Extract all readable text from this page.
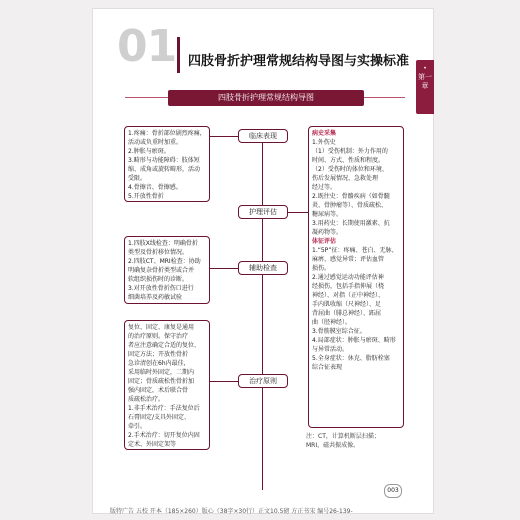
01 四肢骨折护理常规结构导图与实操标准	•
第一章
四肢骨折护理常规结构导图
临床表现
护理评估
辅助检查
治疗原则
1.疼痛：骨折部位剧烈疼痛，
活动或负重时加重。
2.肿胀与瘀斑。
3.畸形与功能障碍：肢体短
缩、成角或旋转畸形，活动
受限。
4.骨擦音、骨擦感。
5.开放性骨折
1.四肢X线检查：明确骨折
类型及骨折移位情况。
2.四肢CT、MRI检查：协助
明确复杂骨折类型或合并
软组织损伤时的诊断。
3.对开放性骨折伤口进行
细菌培养及药敏试验
复位、固定、康复是通用
的治疗原则。保守治疗
者应注意确定合适的复位、
固定方法；开放性骨折
急诊清创在6h内最佳，
采用临时外固定，二期内
固定；骨质疏松性骨折加
强内固定，术后联合骨
质疏松治疗。
1.非手术治疗：手法复位后
石膏固定/支具外固定、
牵引。
2.手术治疗：切开复位内固
定术、外固定架等
病史采集
1.外伤史
（1）受伤机制：外力作用的
时间、方式、性质和程度。
（2）受伤时的体位和环境、
伤后发展情况、急救处理
经过等。
2.既往史：骨骼疾病（如骨髓
炎、骨肿瘤等）、骨质疏松、
糖尿病等。
3.用药史：长期使用激素、抗
凝药物等。
体征评估
1.“5P”征：疼痛、苍白、无脉、
麻痹、感觉异常；评估血管
损伤。
2.通过感觉运动功能评估神
经损伤，包括手指伸展（桡
神经）、对指（正中神经）、
手内肌收缩（尺神经）、足
背屈曲（腓总神经）、跖屈
曲（胫神经）。
3.骨筋膜室综合征。
4.局部症状：肿胀与瘀斑、畸形
与异常活动。
5.全身症状：休克、脂肪栓塞
综合征表现
注：CT，计算机断层扫描；
MRI，磁共振成像。
003
版特广告 五校 开本（185×260）版心（38字×30行）正文10.5磅 方正书宋 编号26-139-
